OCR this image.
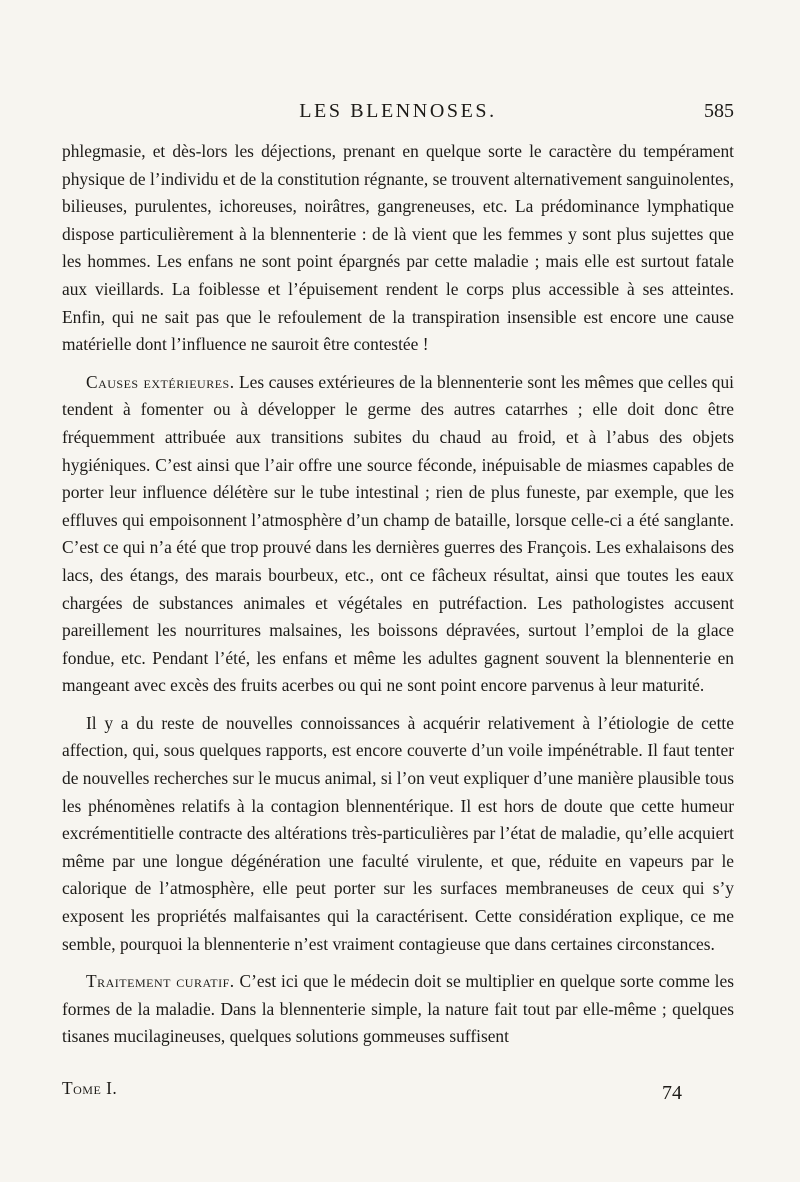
LES BLENNOSES.	585

phlegmasie, et dès-lors les déjections, prenant en quelque sorte le caractère du tempérament physique de l’individu et de la constitution régnante, se trouvent alternativement sanguinolentes, bilieuses, purulentes, ichoreuses, noirâtres, gangreneuses, etc. La prédominance lymphatique dispose particulièrement à la blennenterie : de là vient que les femmes y sont plus sujettes que les hommes. Les enfans ne sont point épargnés par cette maladie ; mais elle est surtout fatale aux vieillards. La foiblesse et l’épuisement rendent le corps plus accessible à ses atteintes. Enfin, qui ne sait pas que le refoulement de la transpiration insensible est encore une cause matérielle dont l’influence ne sauroit être contestée !

Causes extérieures. Les causes extérieures de la blennenterie sont les mêmes que celles qui tendent à fomenter ou à développer le germe des autres catarrhes ; elle doit donc être fréquemment attribuée aux transitions subites du chaud au froid, et à l’abus des objets hygiéniques. C’est ainsi que l’air offre une source féconde, inépuisable de miasmes capables de porter leur influence délétère sur le tube intestinal ; rien de plus funeste, par exemple, que les effluves qui empoisonnent l’atmosphère d’un champ de bataille, lorsque celle-ci a été sanglante. C’est ce qui n’a été que trop prouvé dans les dernières guerres des François. Les exhalaisons des lacs, des étangs, des marais bourbeux, etc., ont ce fâcheux résultat, ainsi que toutes les eaux chargées de substances animales et végétales en putréfaction. Les pathologistes accusent pareillement les nourritures malsaines, les boissons dépravées, surtout l’emploi de la glace fondue, etc. Pendant l’été, les enfans et même les adultes gagnent souvent la blennenterie en mangeant avec excès des fruits acerbes ou qui ne sont point encore parvenus à leur maturité.

Il y a du reste de nouvelles connoissances à acquérir relativement à l’étiologie de cette affection, qui, sous quelques rapports, est encore couverte d’un voile impénétrable. Il faut tenter de nouvelles recherches sur le mucus animal, si l’on veut expliquer d’une manière plausible tous les phénomènes relatifs à la contagion blennentérique. Il est hors de doute que cette humeur excrémentitielle contracte des altérations très-particulières par l’état de maladie, qu’elle acquiert même par une longue dégénération une faculté virulente, et que, réduite en vapeurs par le calorique de l’atmosphère, elle peut porter sur les surfaces membraneuses de ceux qui s’y exposent les propriétés malfaisantes qui la caractérisent. Cette considération explique, ce me semble, pourquoi la blennenterie n’est vraiment contagieuse que dans certaines circonstances.

Traitement curatif. C’est ici que le médecin doit se multiplier en quelque sorte comme les formes de la maladie. Dans la blennenterie simple, la nature fait tout par elle-même ; quelques tisanes mucilagineuses, quelques solutions gommeuses suffisent

Tome I.	74
